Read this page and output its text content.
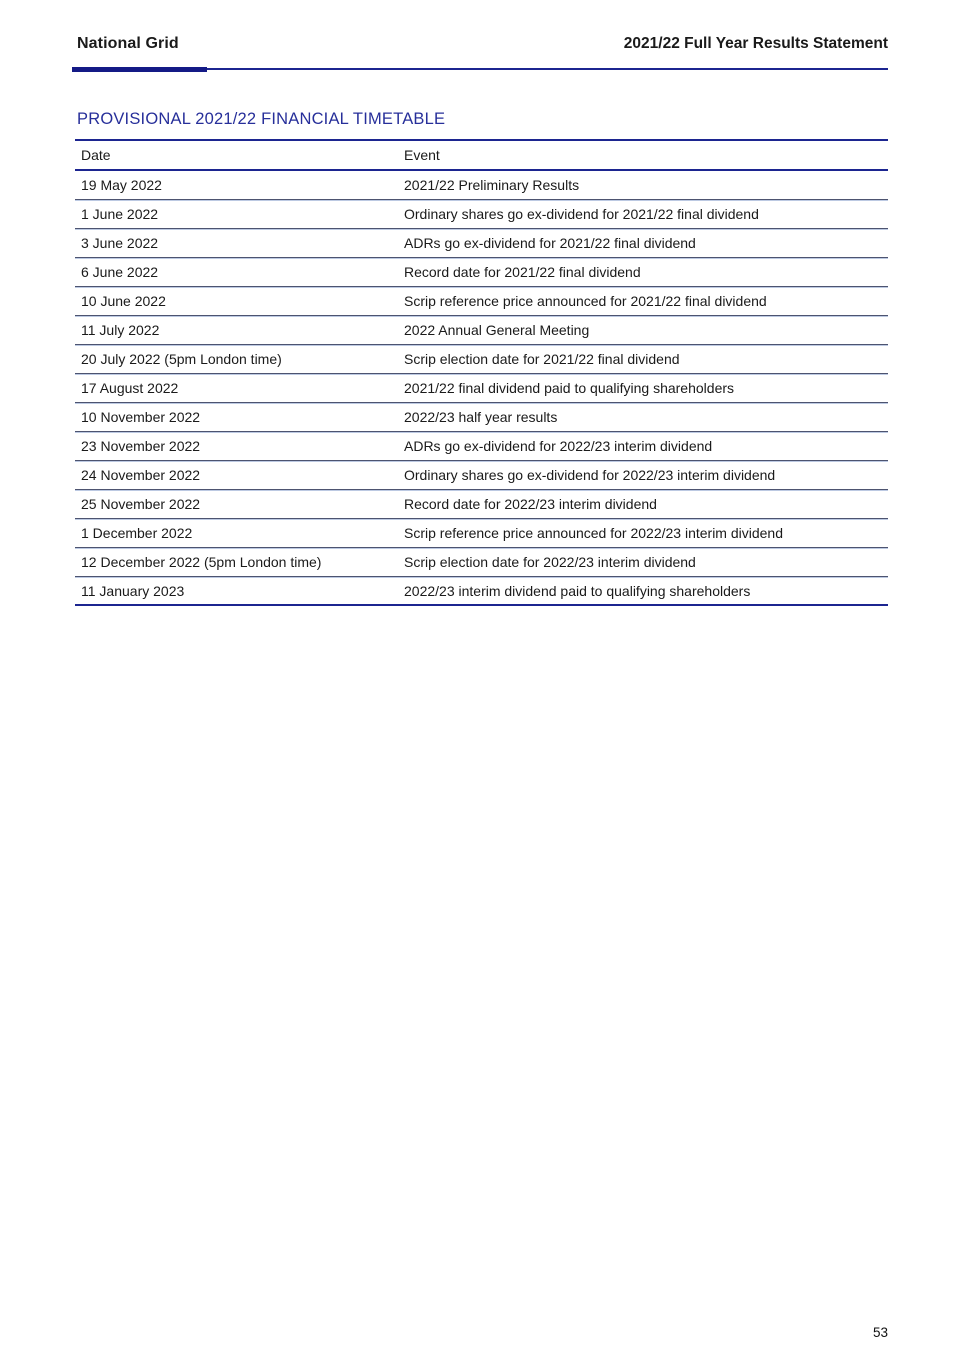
National Grid	2021/22 Full Year Results Statement
PROVISIONAL 2021/22 FINANCIAL TIMETABLE
Date	Event
19 May 2022	2021/22 Preliminary Results
1 June 2022	Ordinary shares go ex-dividend for 2021/22 final dividend
3 June 2022	ADRs go ex-dividend for 2021/22 final dividend
6 June 2022	Record date for 2021/22 final dividend
10 June 2022	Scrip reference price announced for 2021/22 final dividend
11 July 2022	2022 Annual General Meeting
20 July 2022 (5pm London time)	Scrip election date for 2021/22 final dividend
17 August 2022	2021/22 final dividend paid to qualifying shareholders
10 November 2022	2022/23 half year results
23 November 2022	ADRs go ex-dividend for 2022/23 interim dividend
24 November 2022	Ordinary shares go ex-dividend for 2022/23 interim dividend
25 November 2022	Record date for 2022/23 interim dividend
1 December 2022	Scrip reference price announced for 2022/23 interim dividend
12 December 2022 (5pm London time)	Scrip election date for 2022/23 interim dividend
11 January 2023	2022/23 interim dividend paid to qualifying shareholders
53
